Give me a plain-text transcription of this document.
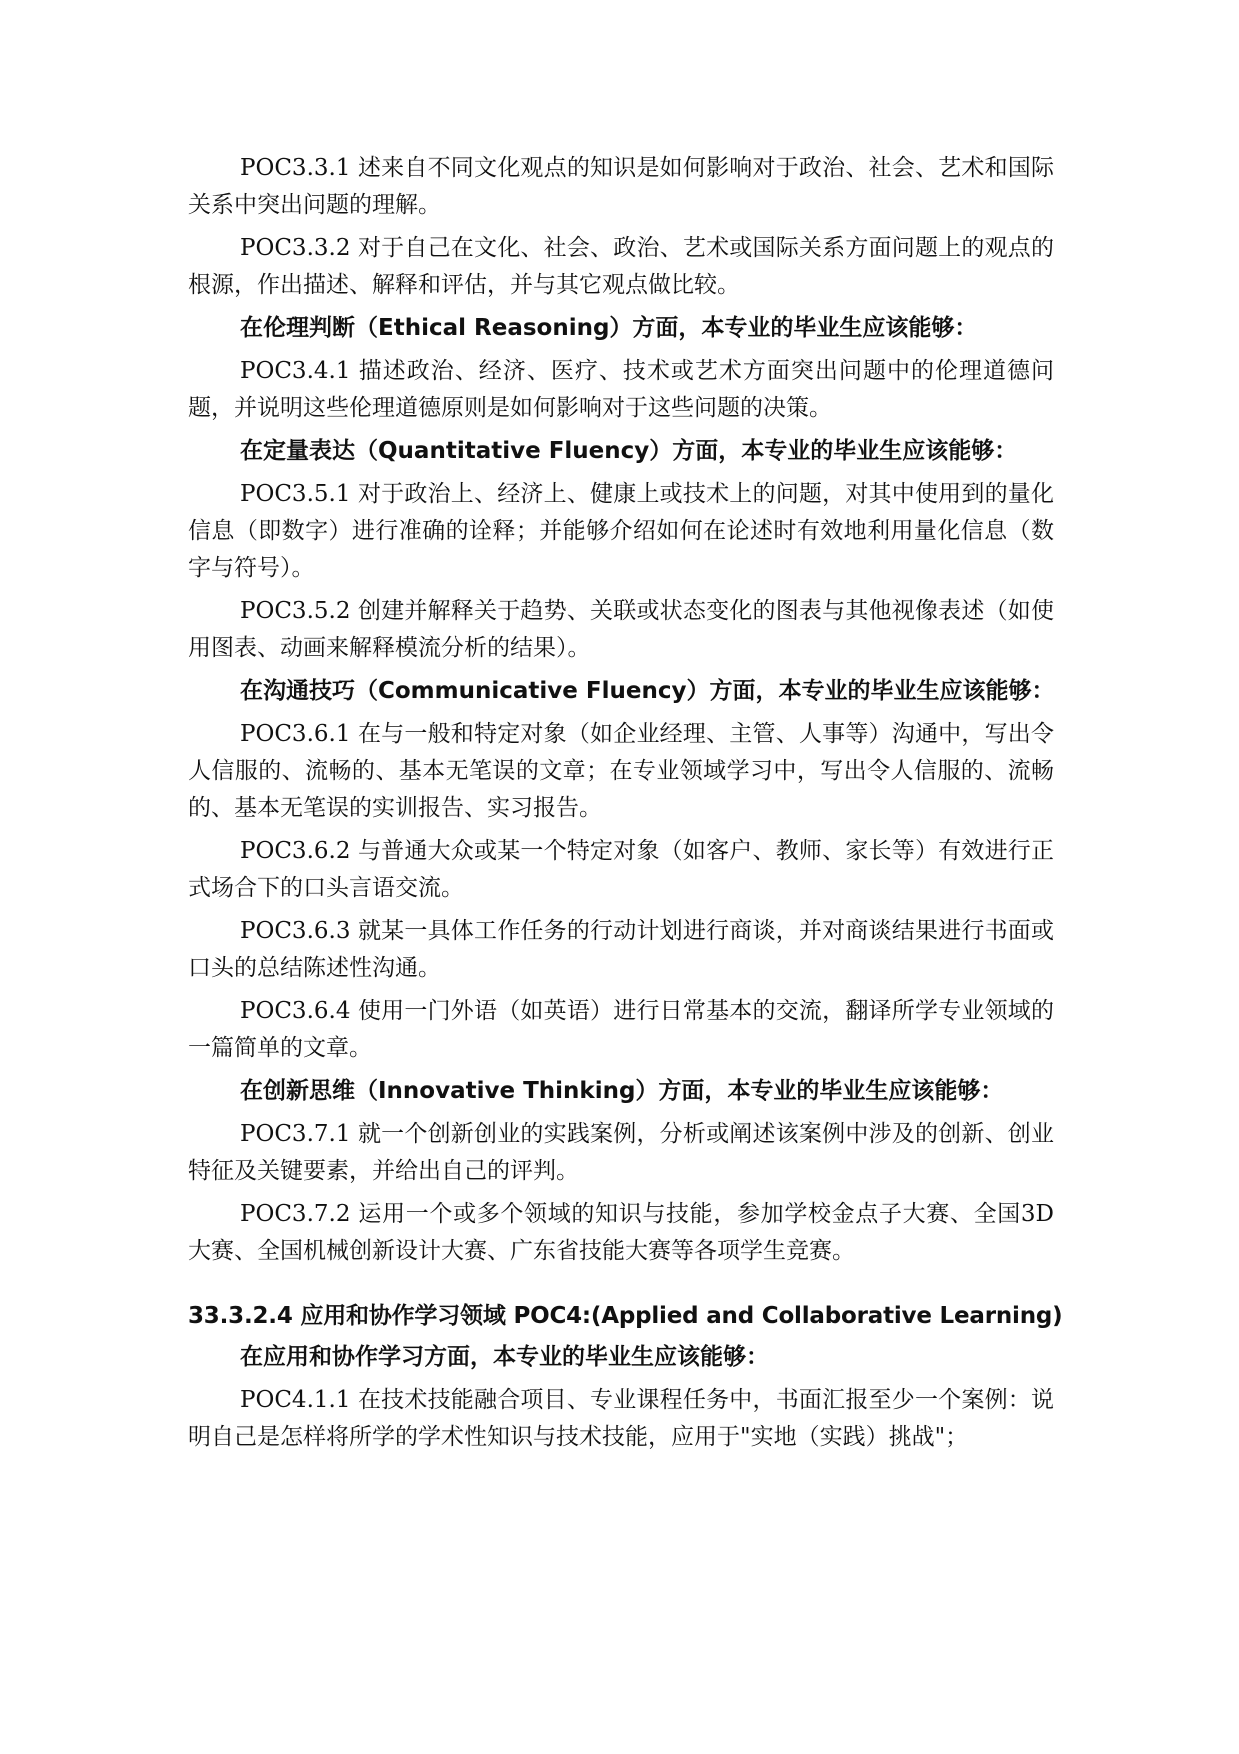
POC3.3.1 述来自不同文化观点的知识是如何影响对于政治、社会、艺术和国际关系中突出问题的理解。

POC3.3.2 对于自己在文化、社会、政治、艺术或国际关系方面问题上的观点的根源，作出描述、解释和评估，并与其它观点做比较。

在伦理判断（Ethical Reasoning）方面，本专业的毕业生应该能够：

POC3.4.1 描述政治、经济、医疗、技术或艺术方面突出问题中的伦理道德问题，并说明这些伦理道德原则是如何影响对于这些问题的决策。

在定量表达（Quantitative Fluency）方面，本专业的毕业生应该能够：

POC3.5.1 对于政治上、经济上、健康上或技术上的问题，对其中使用到的量化信息（即数字）进行准确的诠释；并能够介绍如何在论述时有效地利用量化信息（数字与符号）。

POC3.5.2 创建并解释关于趋势、关联或状态变化的图表与其他视像表述（如使用图表、动画来解释模流分析的结果）。

在沟通技巧（Communicative Fluency）方面，本专业的毕业生应该能够：

POC3.6.1 在与一般和特定对象（如企业经理、主管、人事等）沟通中，写出令人信服的、流畅的、基本无笔误的文章；在专业领域学习中，写出令人信服的、流畅的、基本无笔误的实训报告、实习报告。

POC3.6.2 与普通大众或某一个特定对象（如客户、教师、家长等）有效进行正式场合下的口头言语交流。

POC3.6.3 就某一具体工作任务的行动计划进行商谈，并对商谈结果进行书面或口头的总结陈述性沟通。

POC3.6.4 使用一门外语（如英语）进行日常基本的交流，翻译所学专业领域的一篇简单的文章。

在创新思维（Innovative Thinking）方面，本专业的毕业生应该能够：

POC3.7.1 就一个创新创业的实践案例，分析或阐述该案例中涉及的创新、创业特征及关键要素，并给出自己的评判。

POC3.7.2 运用一个或多个领域的知识与技能，参加学校金点子大赛、全国3D 大赛、全国机械创新设计大赛、广东省技能大赛等各项学生竞赛。

33.3.2.4 应用和协作学习领域 POC4:(Applied and Collaborative Learning)

在应用和协作学习方面，本专业的毕业生应该能够：

POC4.1.1 在技术技能融合项目、专业课程任务中，书面汇报至少一个案例：说明自己是怎样将所学的学术性知识与技术技能，应用于"实地（实践）挑战"；
